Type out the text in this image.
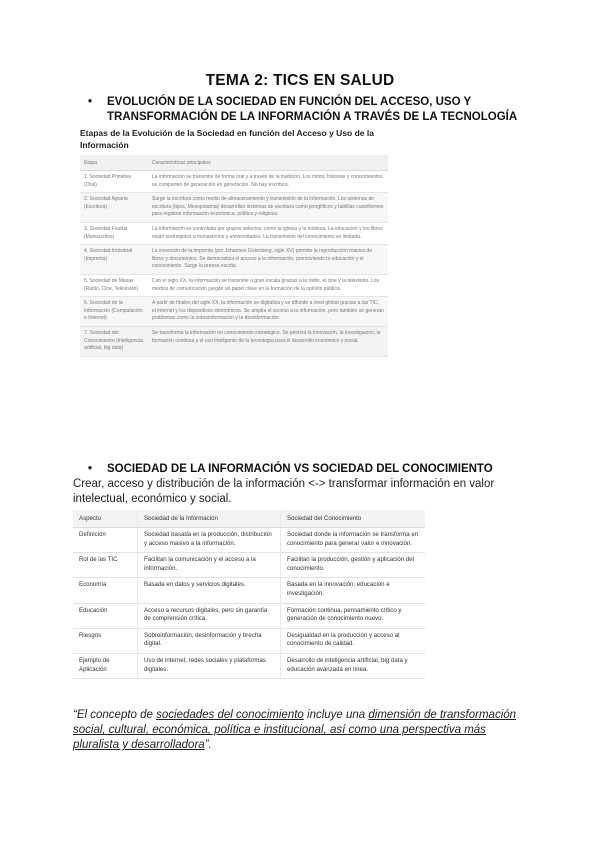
TEMA 2: TICS EN SALUD
•	EVOLUCIÓN DE LA SOCIEDAD EN FUNCIÓN DEL ACCESO, USO Y TRANSFORMACIÓN DE LA INFORMACIÓN A TRAVÉS DE LA TECNOLOGÍA
Etapas de la Evolución de la Sociedad en función del Acceso y Uso de la Información
Etapa	Características principales
1. Sociedad Primitiva (Oral)	La información se transmite de forma oral y a través de la tradición. Los mitos, historias y conocimientos se comparten de generación en generación. No hay escritura.
2. Sociedad Agraria (Escritura)	Surge la escritura como medio de almacenamiento y transmisión de la información. Los sistemas de escritura (tipos, Mesopotamia) desarrollan sistemas de escritura como jeroglíficos y tablillas cuneiformes para registrar información económica, política y religiosa.
3. Sociedad Feudal (Manuscritos)	La información es controlada por grupos selectos, como la iglesia y la nobleza. La educación y los libros están restringidos a monasterios y universidades. La transmisión del conocimiento es limitada.
4. Sociedad Industrial (Imprenta)	La invención de la imprenta (por Johannes Gutenberg, siglo XV) permite la reproducción masiva de libros y documentos. Se democratiza el acceso a la información, promoviendo la educación y el conocimiento. Surge la prensa escrita.
5. Sociedad de Masas (Radio, Cine, Televisión)	Con el siglo XX, la información se transmite a gran escala gracias a la radio, el cine y la televisión. Los medios de comunicación juegan un papel clave en la formación de la opinión pública.
6. Sociedad de la Información (Computación e Internet)	A partir de finales del siglo XX, la información se digitaliza y se difunde a nivel global gracias a las TIC, el internet y los dispositivos electrónicos. Se amplía el acceso a la información, pero también se generan problemas como la sobreinformación y la desinformación.
7. Sociedad del Conocimiento (Inteligencia artificial, big data)	Se transforma la información en conocimiento estratégico. Se prioriza la innovación, la investigación, la formación continua y el uso inteligente de la tecnología para el desarrollo económico y social.
•	SOCIEDAD DE LA INFORMACIÓN VS SOCIEDAD DEL CONOCIMIENTO
Crear, acceso y distribución de la información <-> transformar información en valor intelectual, económico y social.
Aspecto	Sociedad de la Información	Sociedad del Conocimiento
Definición	Sociedad basada en la producción, distribución y acceso masivo a la información.	Sociedad donde la información se transforma en conocimiento para generar valor e innovación.
Rol de las TIC	Facilitan la comunicación y el acceso a la información.	Facilitan la producción, gestión y aplicación del conocimiento.
Economía	Basada en datos y servicios digitales.	Basada en la innovación, educación e investigación.
Educación	Acceso a recursos digitales, pero sin garantía de comprensión crítica.	Formación continua, pensamiento crítico y generación de conocimiento nuevo.
Riesgos	Sobreinformación, desinformación y brecha digital.	Desigualdad en la producción y acceso al conocimiento de calidad.
Ejemplo de Aplicación	Uso de internet, redes sociales y plataformas digitales.	Desarrollo de inteligencia artificial, big data y educación avanzada en línea.
“El concepto de sociedades del conocimiento incluye una dimensión de transformación social, cultural, económica, política e institucional, así como una perspectiva más pluralista y desarrolladora”.
